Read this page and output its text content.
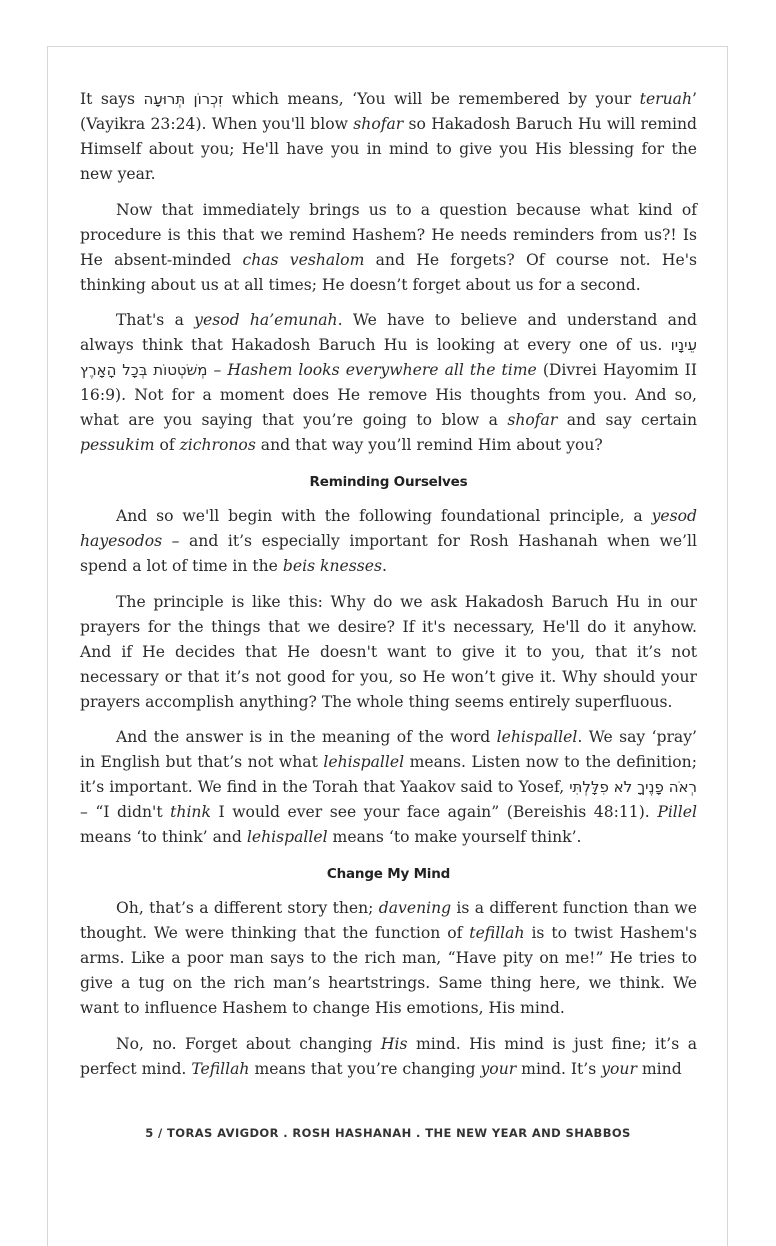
It says זִכְרוֹן תְּרוּעָה which means, ‘You will be remembered by your teruah’ (Vayikra 23:24). When you'll blow shofar so Hakadosh Baruch Hu will remind Himself about you; He'll have you in mind to give you His blessing for the new year.

Now that immediately brings us to a question because what kind of procedure is this that we remind Hashem? He needs reminders from us?! Is He absent-minded chas veshalom and He forgets? Of course not. He's thinking about us at all times; He doesn’t forget about us for a second.

That's a yesod ha’emunah. We have to believe and understand and always think that Hakadosh Baruch Hu is looking at every one of us. עֵינָיו מְשֹׁטְטוֹת בְּכָל הָאָרֶץ – Hashem looks everywhere all the time (Divrei Hayomim II 16:9). Not for a moment does He remove His thoughts from you. And so, what are you saying that you’re going to blow a shofar and say certain pessukim of zichronos and that way you’ll remind Him about you?

Reminding Ourselves

And so we'll begin with the following foundational principle, a yesod hayesodos – and it’s especially important for Rosh Hashanah when we’ll spend a lot of time in the beis knesses.

The principle is like this: Why do we ask Hakadosh Baruch Hu in our prayers for the things that we desire? If it's necessary, He'll do it anyhow. And if He decides that He doesn't want to give it to you, that it’s not necessary or that it’s not good for you, so He won’t give it. Why should your prayers accomplish anything? The whole thing seems entirely superfluous.

And the answer is in the meaning of the word lehispallel. We say ‘pray’ in English but that’s not what lehispallel means. Listen now to the definition; it’s important. We find in the Torah that Yaakov said to Yosef, רְאֹה פָנֶיךָ לֹא פִלָּלְתִּי – “I didn't think I would ever see your face again” (Bereishis 48:11). Pillel means ‘to think’ and lehispallel means ‘to make yourself think’.

Change My Mind

Oh, that’s a different story then; davening is a different function than we thought. We were thinking that the function of tefillah is to twist Hashem's arms. Like a poor man says to the rich man, “Have pity on me!” He tries to give a tug on the rich man’s heartstrings. Same thing here, we think. We want to influence Hashem to change His emotions, His mind.

No, no. Forget about changing His mind. His mind is just fine; it’s a perfect mind. Tefillah means that you’re changing your mind. It’s your mind

5 / TORAS AVIGDOR . ROSH HASHANAH . THE NEW YEAR AND SHABBOS
